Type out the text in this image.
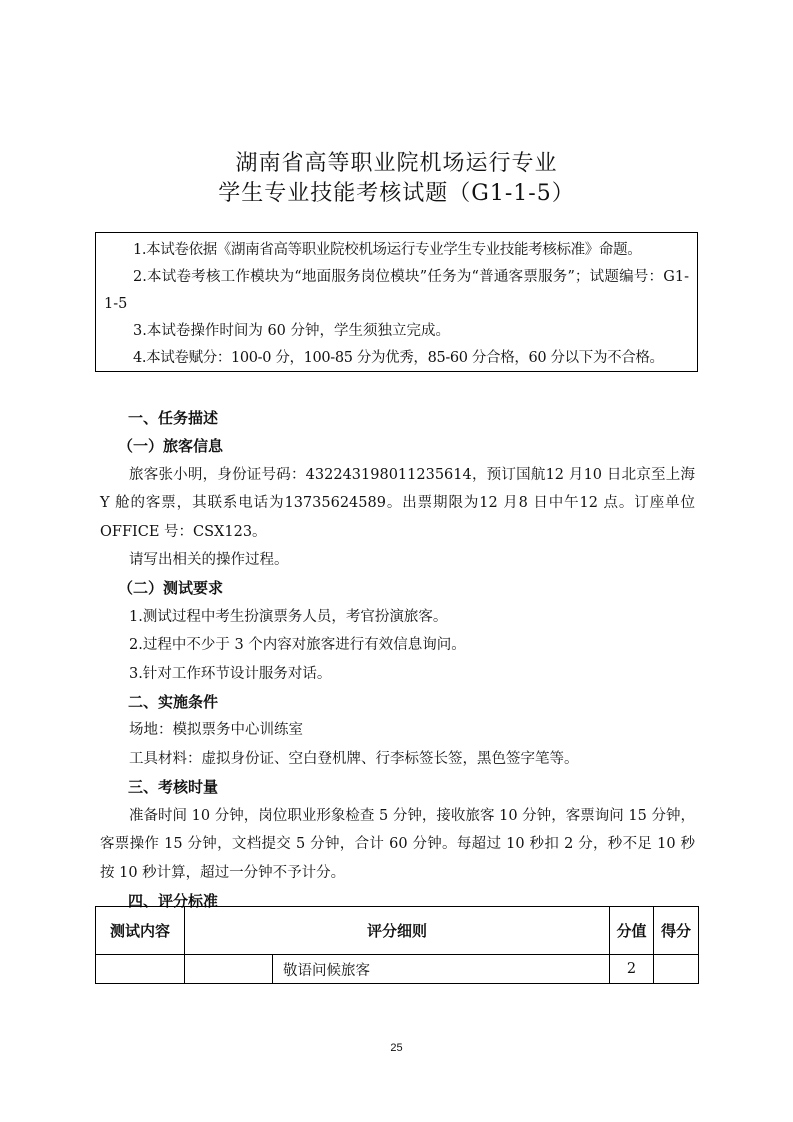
湖南省高等职业院机场运行专业
学生专业技能考核试题（G1-1-5）

1.本试卷依据《湖南省高等职业院校机场运行专业学生专业技能考核标准》命题。

2.本试卷考核工作模块为“地面服务岗位模块”任务为“普通客票服务”；试题编号：G1-1-5

3.本试卷操作时间为 60 分钟，学生须独立完成。

4.本试卷赋分：100-0 分，100-85 分为优秀，85-60 分合格，60 分以下为不合格。

一、任务描述

（一）旅客信息

旅客张小明，身份证号码：432243198011235614，预订国航12 月10 日北京至上海Y 舱的客票，其联系电话为13735624589。出票期限为12 月8 日中午12 点。订座单位OFFICE 号：CSX123。

请写出相关的操作过程。

（二）测试要求

1.测试过程中考生扮演票务人员，考官扮演旅客。

2.过程中不少于 3 个内容对旅客进行有效信息询问。

3.针对工作环节设计服务对话。

二、实施条件

场地：模拟票务中心训练室

工具材料：虚拟身份证、空白登机牌、行李标签长签，黑色签字笔等。

三、考核时量

准备时间 10 分钟，岗位职业形象检查 5 分钟，接收旅客 10 分钟，客票询问 15 分钟，客票操作 15 分钟，文档提交 5 分钟，合计 60 分钟。每超过 10 秒扣 2 分，秒不足 10 秒按 10 秒计算，超过一分钟不予计分。

四、评分标准

测试内容	评分细则		分值	得分
		敬语问候旅客	2	
25
